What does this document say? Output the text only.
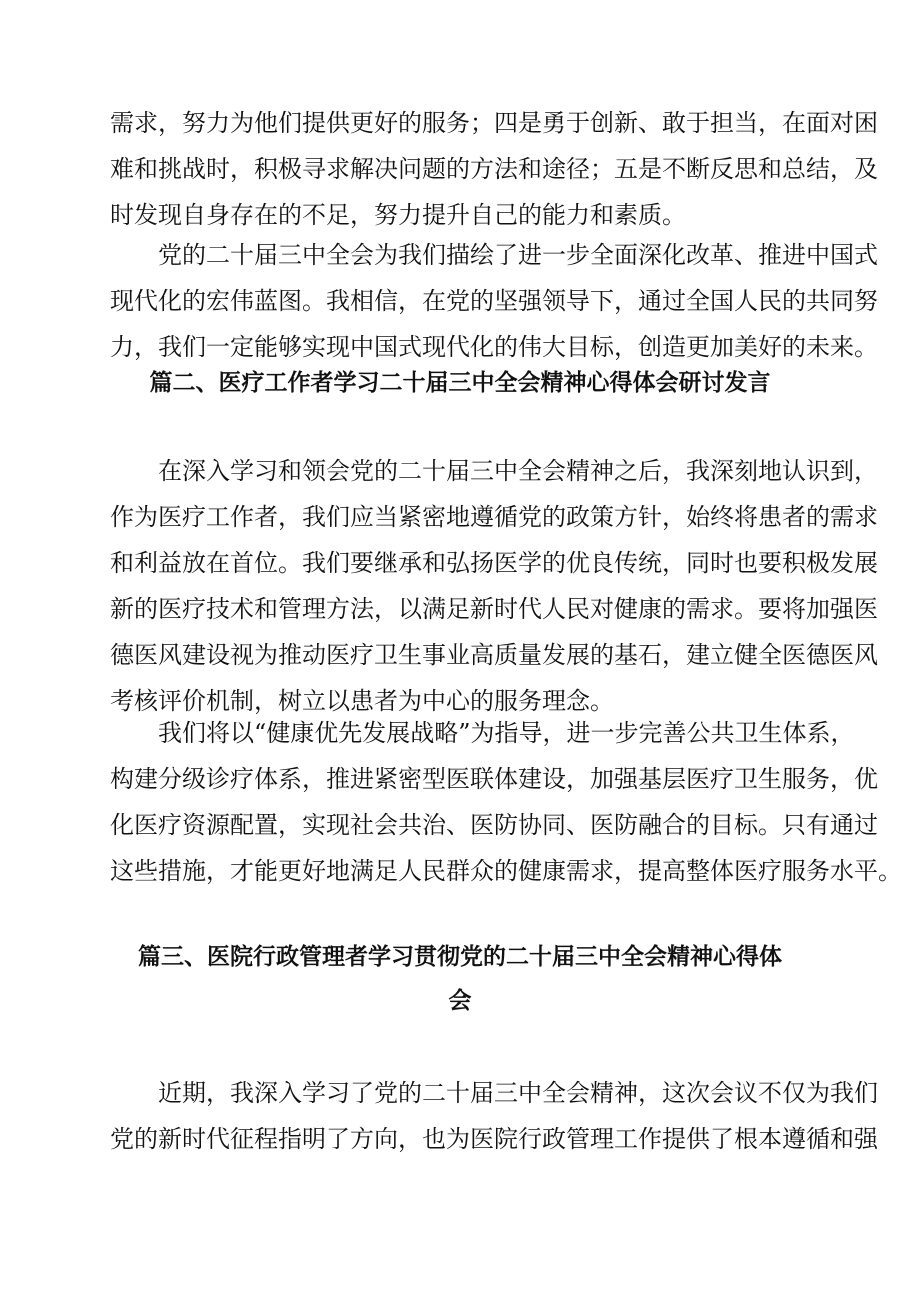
需求，努力为他们提供更好的服务；四是勇于创新、敢于担当，在面对困
难和挑战时，积极寻求解决问题的方法和途径；五是不断反思和总结，及
时发现自身存在的不足，努力提升自己的能力和素质。
党的二十届三中全会为我们描绘了进一步全面深化改革、推进中国式
现代化的宏伟蓝图。我相信，在党的坚强领导下，通过全国人民的共同努
力，我们一定能够实现中国式现代化的伟大目标，创造更加美好的未来。
篇二、医疗工作者学习二十届三中全会精神心得体会研讨发言
在深入学习和领会党的二十届三中全会精神之后，我深刻地认识到，
作为医疗工作者，我们应当紧密地遵循党的政策方针，始终将患者的需求
和利益放在首位。我们要继承和弘扬医学的优良传统，同时也要积极发展
新的医疗技术和管理方法，以满足新时代人民对健康的需求。要将加强医
德医风建设视为推动医疗卫生事业高质量发展的基石，建立健全医德医风
考核评价机制，树立以患者为中心的服务理念。
我们将以“健康优先发展战略”为指导，进一步完善公共卫生体系，
构建分级诊疗体系，推进紧密型医联体建设，加强基层医疗卫生服务，优
化医疗资源配置，实现社会共治、医防协同、医防融合的目标。只有通过
这些措施，才能更好地满足人民群众的健康需求，提高整体医疗服务水平。
篇三、医院行政管理者学习贯彻党的二十届三中全会精神心得体
会
近期，我深入学习了党的二十届三中全会精神，这次会议不仅为我们
党的新时代征程指明了方向，也为医院行政管理工作提供了根本遵循和强
